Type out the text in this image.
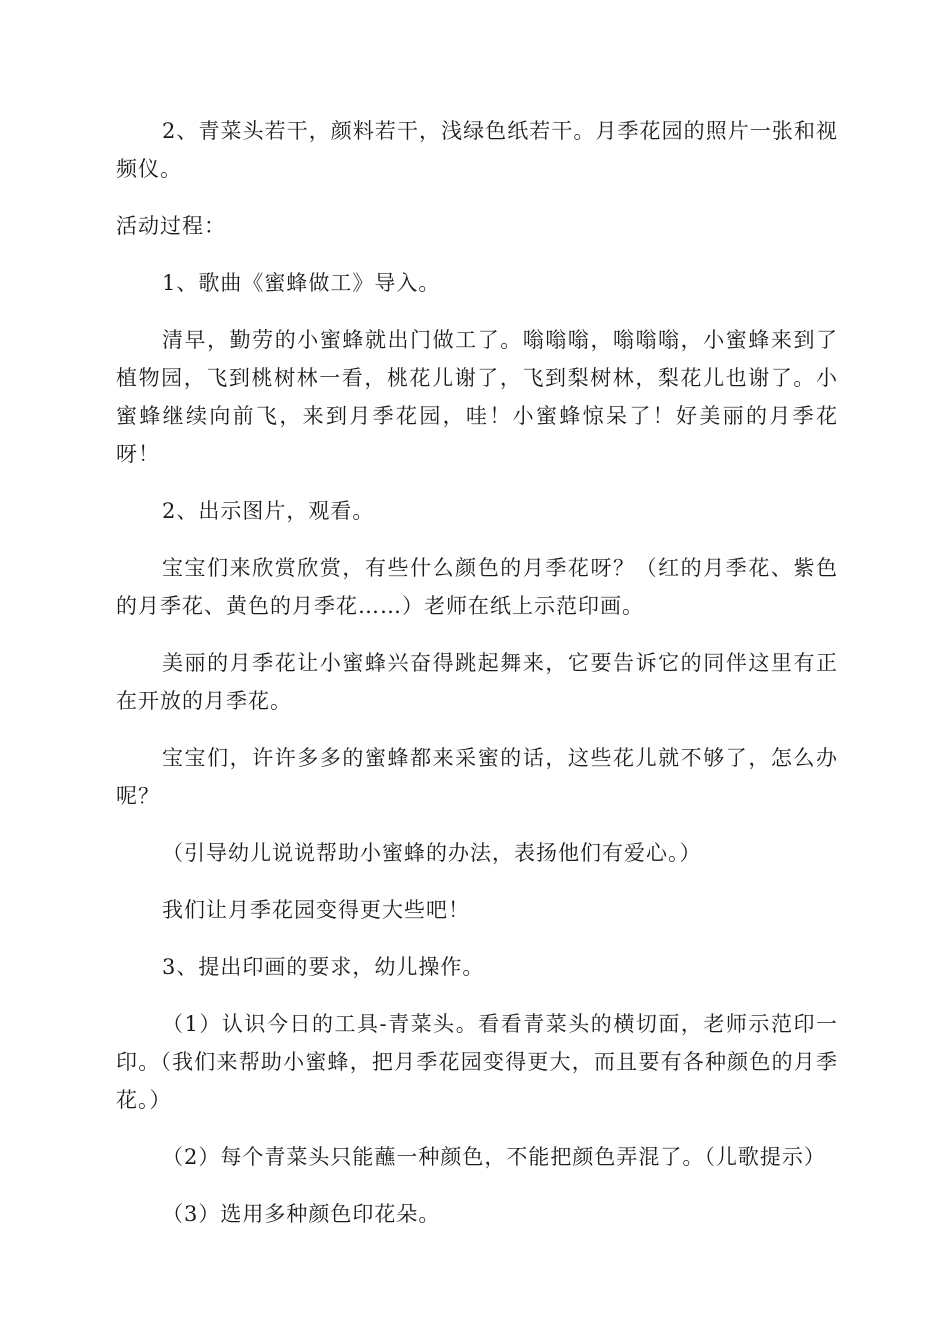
2、青菜头若干，颜料若干，浅绿色纸若干。月季花园的照片一张和视频仪。

活动过程：

1、歌曲《蜜蜂做工》导入。

清早，勤劳的小蜜蜂就出门做工了。嗡嗡嗡，嗡嗡嗡，小蜜蜂来到了植物园，飞到桃树林一看，桃花儿谢了，飞到梨树林，梨花儿也谢了。小蜜蜂继续向前飞，来到月季花园，哇！小蜜蜂惊呆了！好美丽的月季花呀！

2、出示图片，观看。

宝宝们来欣赏欣赏，有些什么颜色的月季花呀？（红的月季花、紫色的月季花、黄色的月季花……）老师在纸上示范印画。

美丽的月季花让小蜜蜂兴奋得跳起舞来，它要告诉它的同伴这里有正在开放的月季花。

宝宝们，许许多多的蜜蜂都来采蜜的话，这些花儿就不够了，怎么办呢？

（引导幼儿说说帮助小蜜蜂的办法，表扬他们有爱心。）

我们让月季花园变得更大些吧！

3、提出印画的要求，幼儿操作。

（1）认识今日的工具-青菜头。看看青菜头的横切面，老师示范印一印。（我们来帮助小蜜蜂，把月季花园变得更大，而且要有各种颜色的月季花。）

（2）每个青菜头只能蘸一种颜色，不能把颜色弄混了。（儿歌提示）

（3）选用多种颜色印花朵。
